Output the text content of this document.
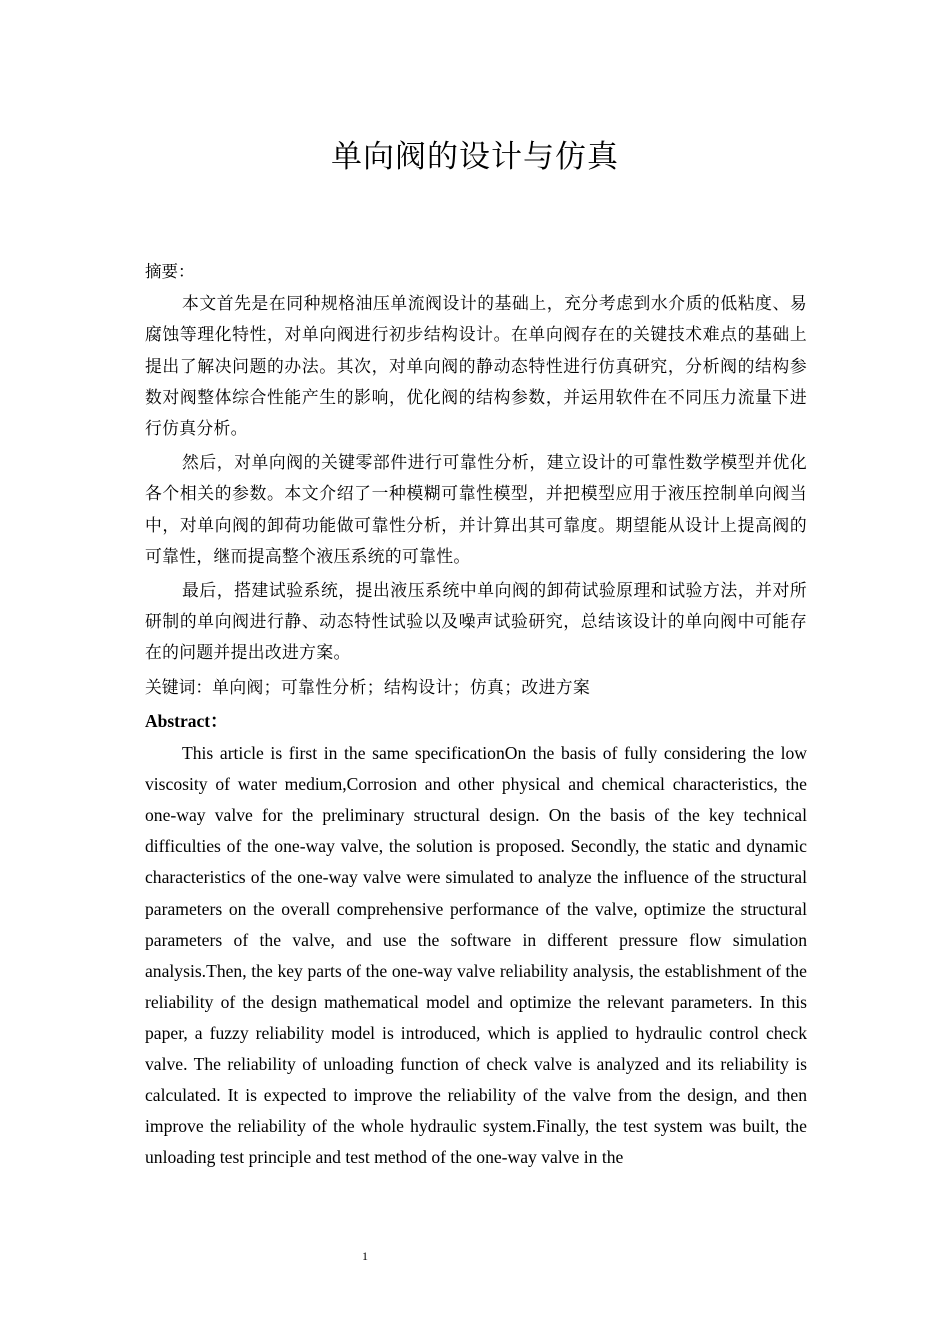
单向阀的设计与仿真
摘要：

本文首先是在同种规格油压单流阀设计的基础上，充分考虑到水介质的低粘度、易腐蚀等理化特性，对单向阀进行初步结构设计。在单向阀存在的关键技术难点的基础上提出了解决问题的办法。其次，对单向阀的静动态特性进行仿真研究，分析阀的结构参数对阀整体综合性能产生的影响，优化阀的结构参数，并运用软件在不同压力流量下进行仿真分析。

然后，对单向阀的关键零部件进行可靠性分析，建立设计的可靠性数学模型并优化各个相关的参数。本文介绍了一种模糊可靠性模型，并把模型应用于液压控制单向阀当中，对单向阀的卸荷功能做可靠性分析，并计算出其可靠度。期望能从设计上提高阀的可靠性，继而提高整个液压系统的可靠性。

最后，搭建试验系统，提出液压系统中单向阀的卸荷试验原理和试验方法，并对所研制的单向阀进行静、动态特性试验以及噪声试验研究，总结该设计的单向阀中可能存在的问题并提出改进方案。

关键词：单向阀；可靠性分析；结构设计；仿真；改进方案
Abstract：

This article is first in the same specificationOn the basis of fully considering the low viscosity of water medium,Corrosion and other physical and chemical characteristics, the one-way valve for the preliminary structural design. On the basis of the key technical difficulties of the one-way valve, the solution is proposed. Secondly, the static and dynamic characteristics of the one-way valve were simulated to analyze the influence of the structural parameters on the overall comprehensive performance of the valve, optimize the structural parameters of the valve, and use the software in different pressure flow simulation analysis.Then, the key parts of the one-way valve reliability analysis, the establishment of the reliability of the design mathematical model and optimize the relevant parameters. In this paper, a fuzzy reliability model is introduced, which is applied to hydraulic control check valve. The reliability of unloading function of check valve is analyzed and its reliability is calculated. It is expected to improve the reliability of the valve from the design, and then improve the reliability of the whole hydraulic system.Finally, the test system was built, the unloading test principle and test method of the one-way valve in the

1
